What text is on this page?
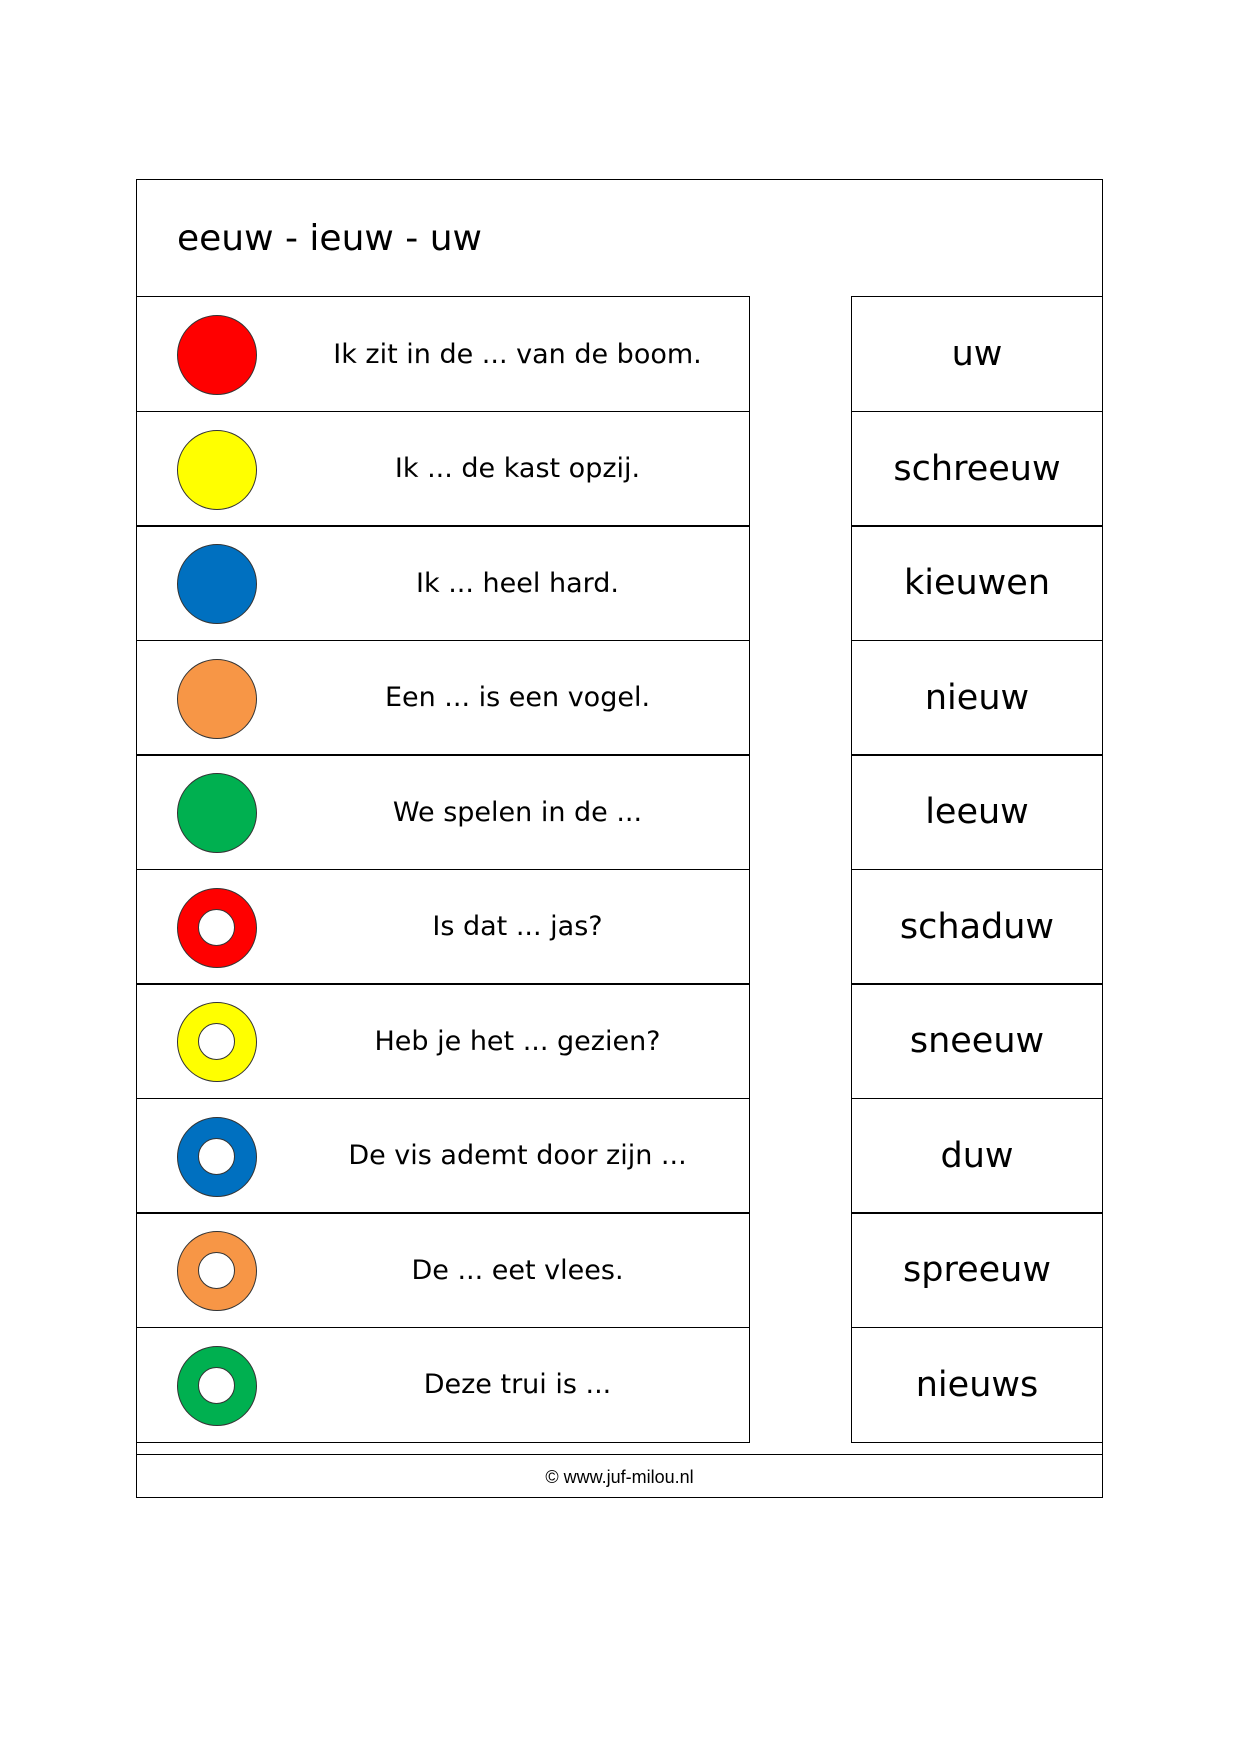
eeuw - ieuw - uw
Ik zit in de ... van de boom.
Ik ... de kast opzij.
Ik ... heel hard.
Een ... is een vogel.
We spelen in de ...
Is dat ... jas?
Heb je het ... gezien?
De vis ademt door zijn ...
De ... eet vlees.
Deze trui is ...
uw
schreeuw
kieuwen
nieuw
leeuw
schaduw
sneeuw
duw
spreeuw
nieuws
© www.juf-milou.nl
